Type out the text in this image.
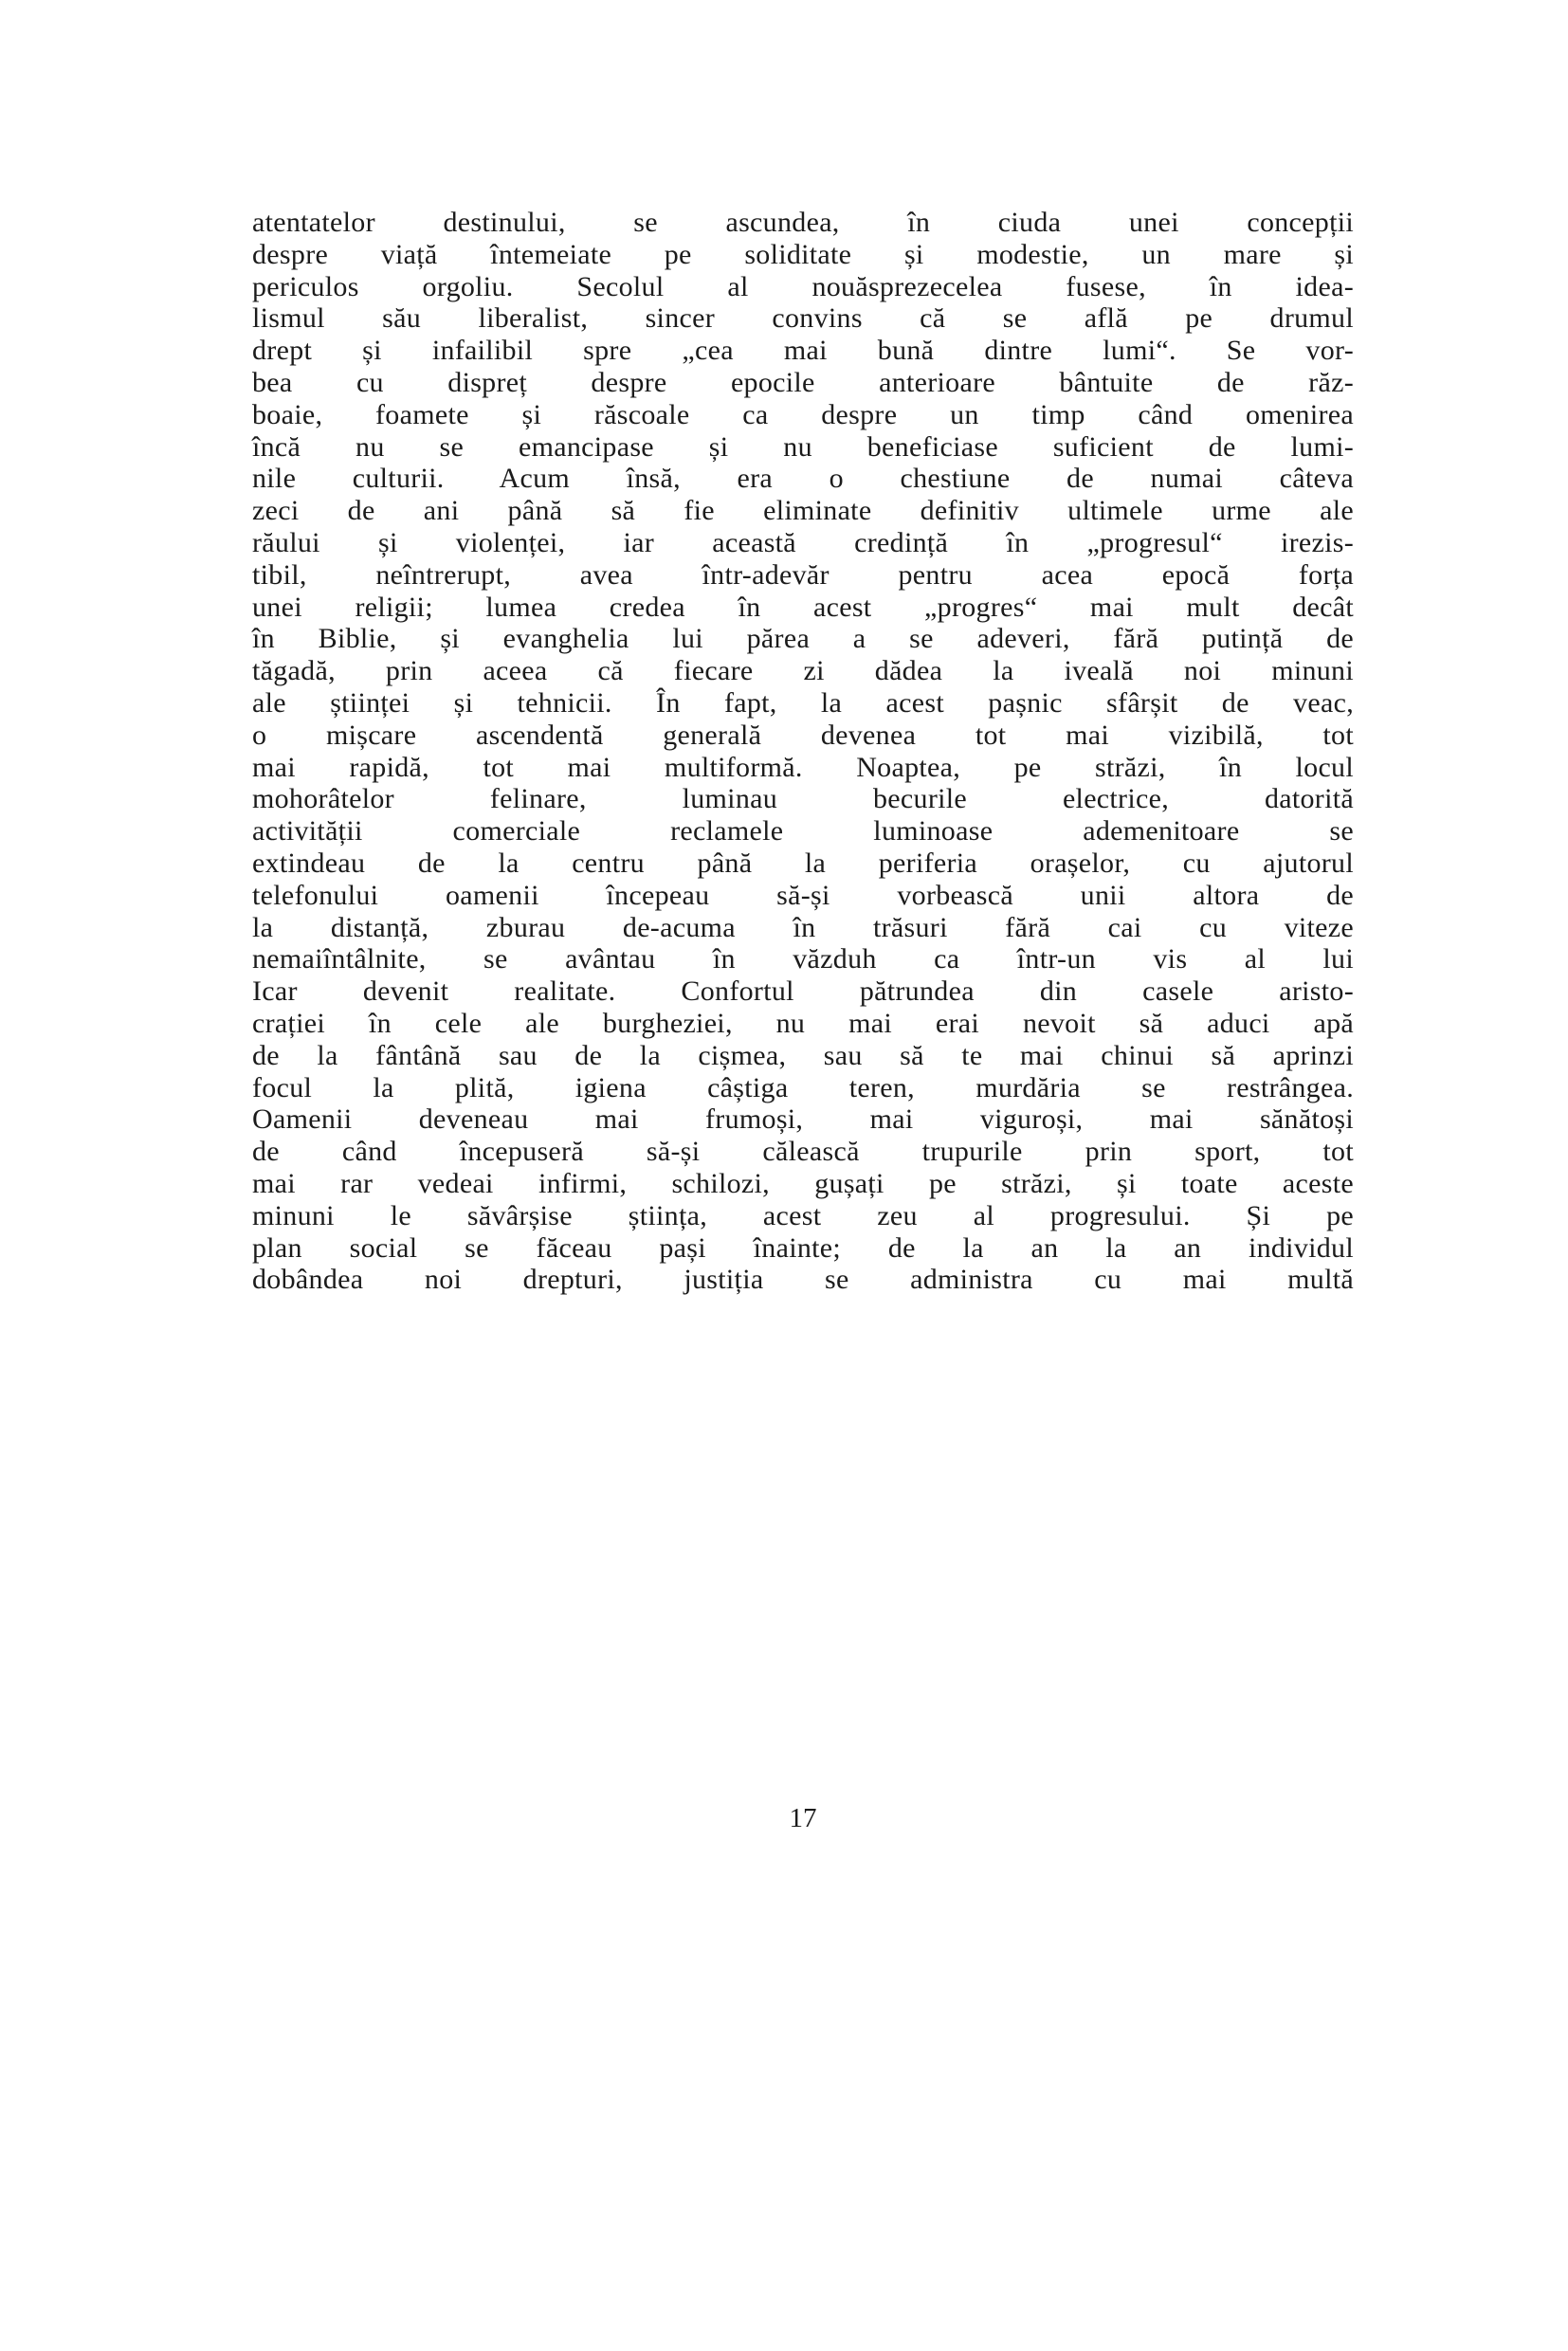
atentatelor destinului, se ascundea, în ciuda unei concepții
despre viață întemeiate pe soliditate și modestie, un mare și
periculos orgoliu. Secolul al nouăsprezecelea fusese, în idea-
lismul său liberalist, sincer convins că se află pe drumul
drept și infailibil spre „cea mai bună dintre lumi“. Se vor-
bea cu dispreț despre epocile anterioare bântuite de răz-
boaie, foamete și răscoale ca despre un timp când omenirea
încă nu se emancipase și nu beneficiase suficient de lumi-
nile culturii. Acum însă, era o chestiune de numai câteva
zeci de ani până să fie eliminate definitiv ultimele urme ale
răului și violenței, iar această credință în „progresul“ irezis-
tibil, neîntrerupt, avea într-adevăr pentru acea epocă forța
unei religii; lumea credea în acest „progres“ mai mult decât
în Biblie, și evanghelia lui părea a se adeveri, fără putință de
tăgadă, prin aceea că fiecare zi dădea la iveală noi minuni
ale științei și tehnicii. În fapt, la acest pașnic sfârșit de veac,
o mișcare ascendentă generală devenea tot mai vizibilă, tot
mai rapidă, tot mai multiformă. Noaptea, pe străzi, în locul
mohorâtelor felinare, luminau becurile electrice, datorită
activității comerciale reclamele luminoase ademenitoare se
extindeau de la centru până la periferia orașelor, cu ajutorul
telefonului oamenii începeau să-și vorbească unii altora de
la distanță, zburau de-acuma în trăsuri fără cai cu viteze
nemaiîntâlnite, se avântau în văzduh ca într-un vis al lui
Icar devenit realitate. Confortul pătrundea din casele aristo-
crației în cele ale burgheziei, nu mai erai nevoit să aduci apă
de la fântână sau de la cișmea, sau să te mai chinui să aprinzi
focul la plită, igiena câștiga teren, murdăria se restrângea.
Oamenii deveneau mai frumoși, mai viguroși, mai sănătoși
de când începuseră să-și călească trupurile prin sport, tot
mai rar vedeai infirmi, schilozi, gușați pe străzi, și toate aceste
minuni le săvârșise știința, acest zeu al progresului. Și pe
plan social se făceau pași înainte; de la an la an individul
dobândea noi drepturi, justiția se administra cu mai multă
17
